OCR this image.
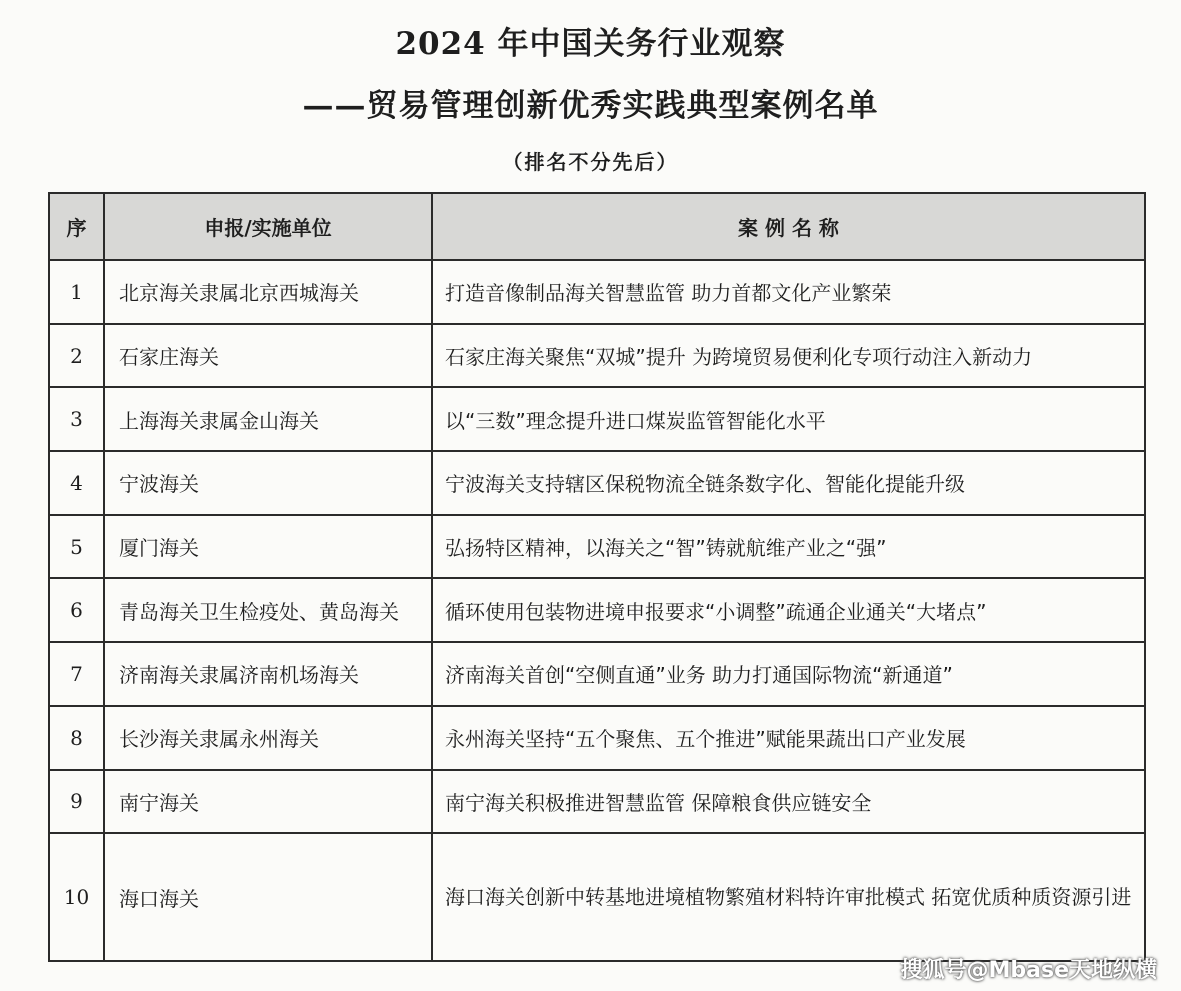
2024 年中国关务行业观察
——贸易管理创新优秀实践典型案例名单
（排名不分先后）
序	申报/实施单位	案 例 名 称
1	北京海关隶属北京西城海关	打造音像制品海关智慧监管 助力首都文化产业繁荣
2	石家庄海关	石家庄海关聚焦“双城”提升 为跨境贸易便利化专项行动注入新动力
3	上海海关隶属金山海关	以“三数”理念提升进口煤炭监管智能化水平
4	宁波海关	宁波海关支持辖区保税物流全链条数字化、智能化提能升级
5	厦门海关	弘扬特区精神，以海关之“智”铸就航维产业之“强”
6	青岛海关卫生检疫处、黄岛海关	循环使用包装物进境申报要求“小调整”疏通企业通关“大堵点”
7	济南海关隶属济南机场海关	济南海关首创“空侧直通”业务 助力打通国际物流“新通道”
8	长沙海关隶属永州海关	永州海关坚持“五个聚焦、五个推进”赋能果蔬出口产业发展
9	南宁海关	南宁海关积极推进智慧监管 保障粮食供应链安全
10	海口海关	海口海关创新中转基地进境植物繁殖材料特许审批模式 拓宽优质种质资源引进
搜狐号@Mbase天地纵横
